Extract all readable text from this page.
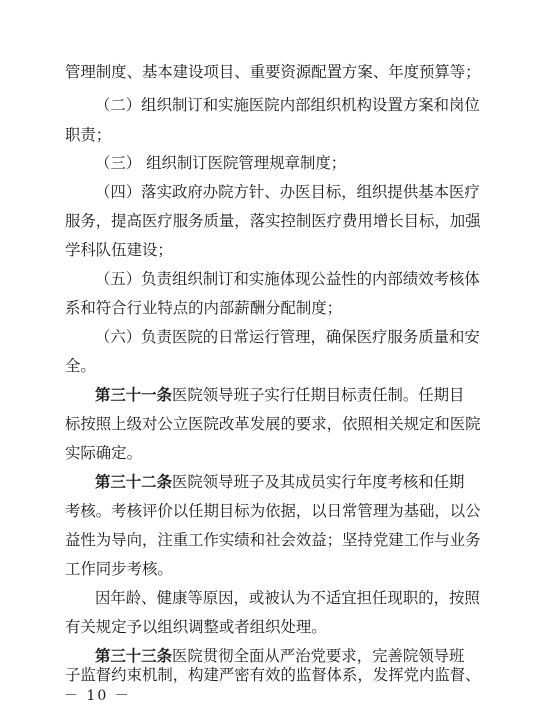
管理制度、基本建设项目、重要资源配置方案、年度预算等；
（二）组织制订和实施医院内部组织机构设置方案和岗位
职责；
（三） 组织制订医院管理规章制度；
（四）落实政府办院方针、办医目标，组织提供基本医疗
服务，提高医疗服务质量，落实控制医疗费用增长目标，加强
学科队伍建设；
（五）负责组织制订和实施体现公益性的内部绩效考核体
系和符合行业特点的内部薪酬分配制度；
（六）负责医院的日常运行管理，确保医疗服务质量和安
全。
第三十一条 医院领导班子实行任期目标责任制。任期目
标按照上级对公立医院改革发展的要求，依照相关规定和医院
实际确定。
第三十二条 医院领导班子及其成员实行年度考核和任期
考核。考核评价以任期目标为依据，以日常管理为基础，以公
益性为导向，注重工作实绩和社会效益；坚持党建工作与业务
工作同步考核。
因年龄、健康等原因，或被认为不适宜担任现职的，按照
有关规定予以组织调整或者组织处理。
第三十三条 医院贯彻全面从严治党要求，完善院领导班
子监督约束机制，构建严密有效的监督体系，发挥党内监督、
－ 10 －
